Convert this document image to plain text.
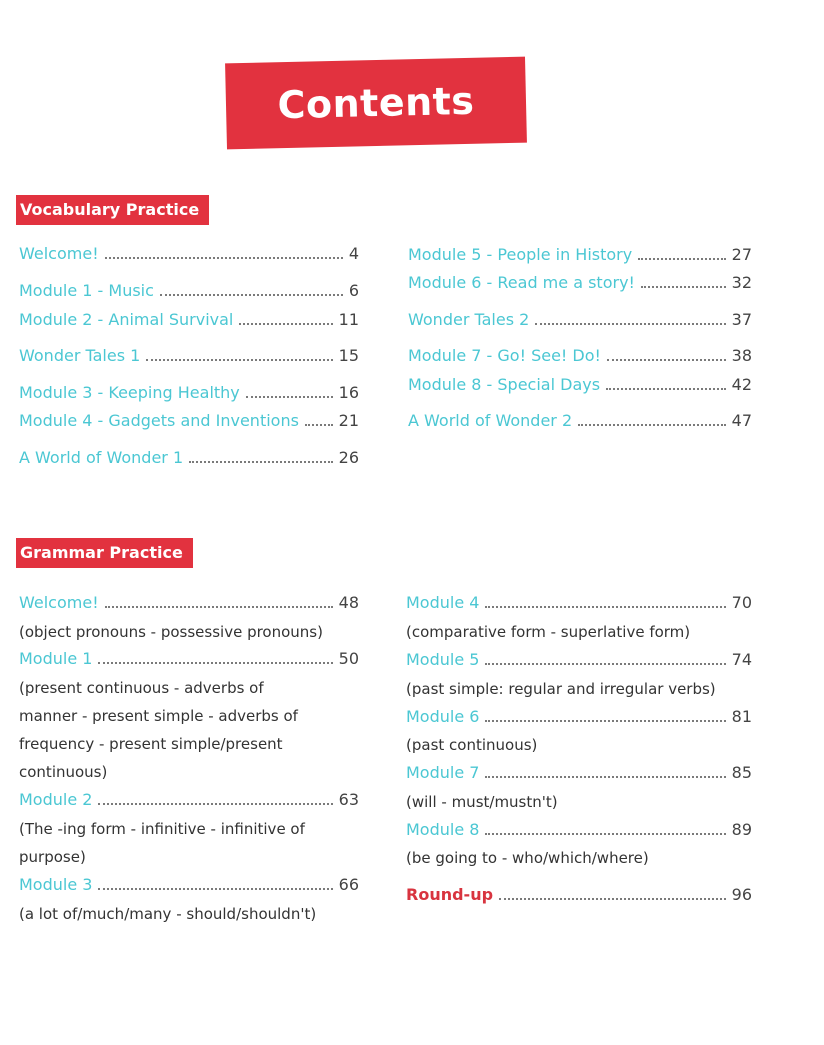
Contents
Vocabulary Practice
Welcome!	4
Module 1 - Music	6
Module 2 - Animal Survival	11
Wonder Tales 1	15
Module 3 - Keeping Healthy	16
Module 4 - Gadgets and Inventions 21
A World of Wonder 1	26
Module 5 - People in History	27
Module 6 - Read me a story!	32
Wonder Tales 2	37
Module 7 - Go! See! Do!	38
Module 8 - Special Days	42
A World of Wonder 2	47
Grammar Practice
Welcome!	48
(object pronouns - possessive pronouns)
Module 1	50
(present continuous - adverbs of
manner - present simple - adverbs of
frequency - present simple/present
continuous)
Module 2	63
(The -ing form - infinitive - infinitive of
purpose)
Module 3	66
(a lot of/much/many - should/shouldn't)
Module 4	70
(comparative form - superlative form)
Module 5	74
(past simple: regular and irregular verbs)
Module 6	81
(past continuous)
Module 7	85
(will - must/mustn't)
Module 8	89
(be going to - who/which/where)
Round-up	96
